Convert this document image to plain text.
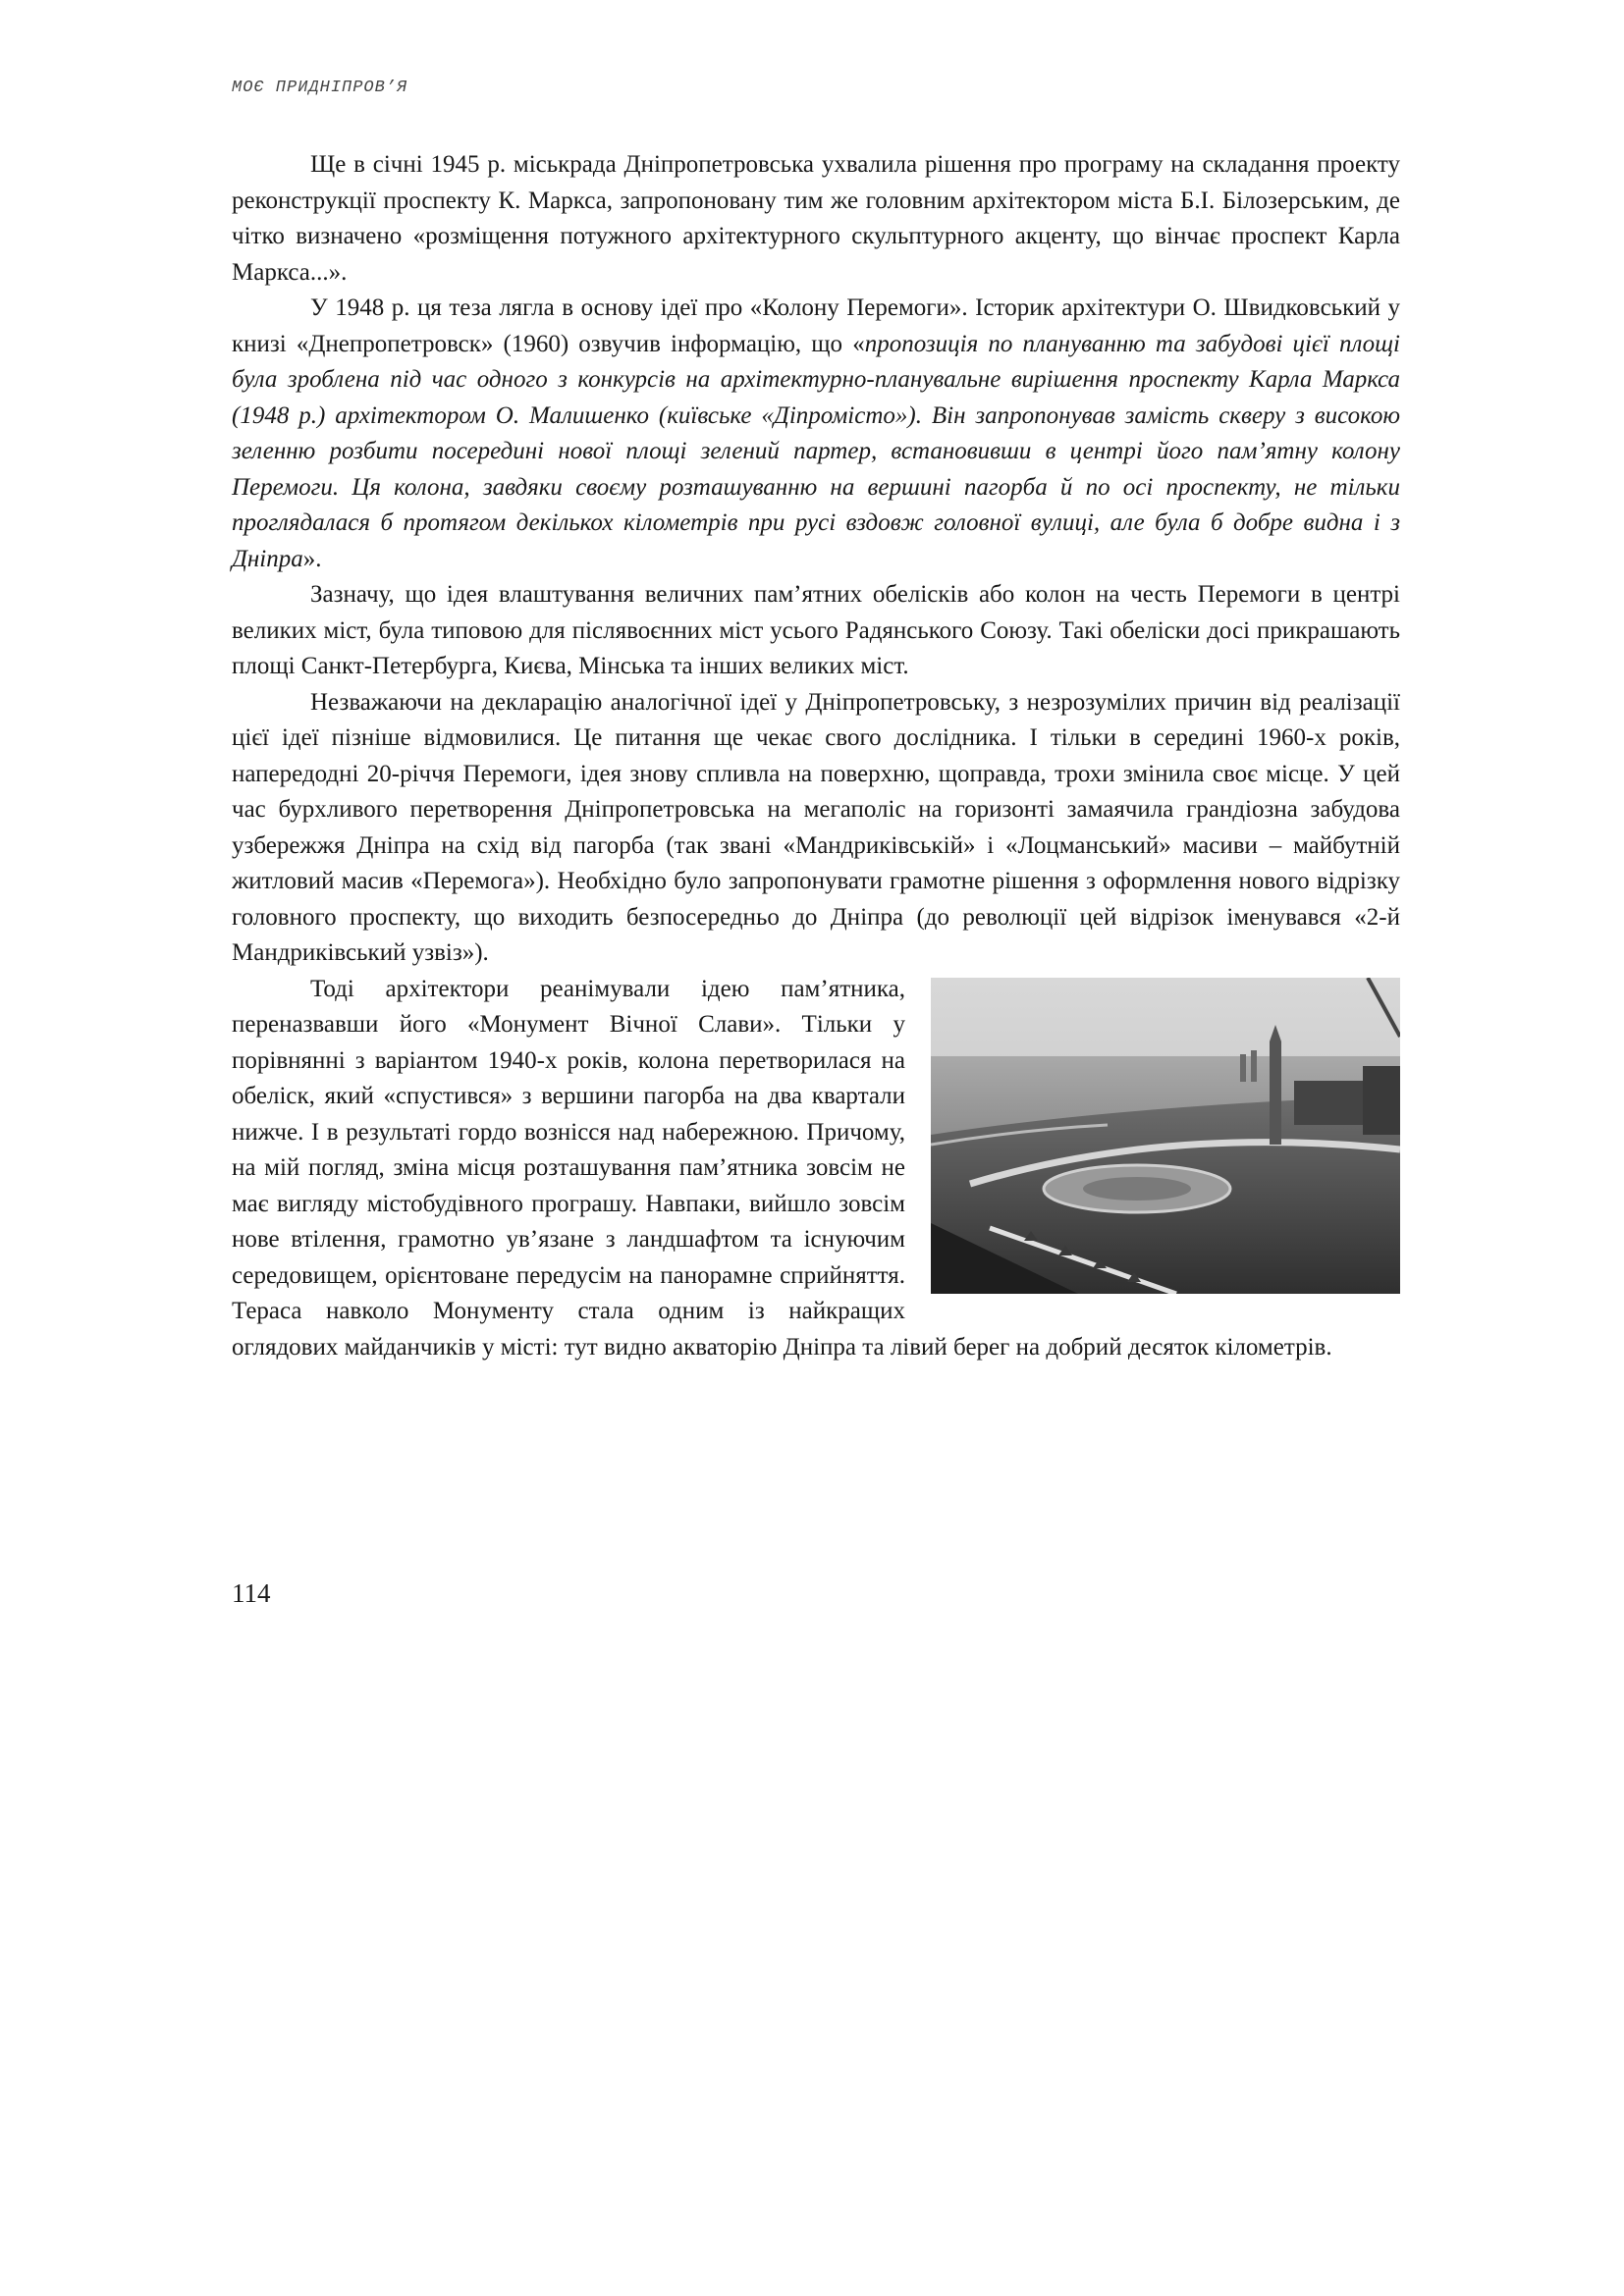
МОЄ ПРИДНІПРОВ’Я

Ще в січні 1945 р. міськрада Дніпропетровська ухвалила рішення про програму на складання проекту реконструкції проспекту К. Маркса, запропоновану тим же головним архітектором міста Б.І. Білозерським, де чітко визначено «розміщення потужного архітектурного скульптурного акценту, що вінчає проспект Карла Маркса...».

У 1948 р. ця теза лягла в основу ідеї про «Колону Перемоги». Історик архітектури О. Швидковський у книзі «Днепропетровск» (1960) озвучив інформацію, що «пропозиція по плануванню та забудові цієї площі була зроблена під час одного з конкурсів на архітектурно-планувальне вирішення проспекту Карла Маркса (1948 р.) архітектором О. Малишенко (київське «Діпромісто»). Він запропонував замість скверу з високою зеленню розбити посередині нової площі зелений партер, встановивши в центрі його пам’ятну колону Перемоги. Ця колона, завдяки своєму розташуванню на вершині пагорба й по осі проспекту, не тільки проглядалася б протягом декількох кілометрів при русі вздовж головної вулиці, але була б добре видна і з Дніпра».

Зазначу, що ідея влаштування величних пам’ятних обелісків або колон на честь Перемоги в центрі великих міст, була типовою для післявоєнних міст усього Радянського Союзу. Такі обеліски досі прикрашають площі Санкт-Петербурга, Києва, Мінська та інших великих міст.

Незважаючи на декларацію аналогічної ідеї у Дніпропетровську, з незрозумілих причин від реалізації цієї ідеї пізніше відмовилися. Це питання ще чекає свого дослідника. І тільки в середині 1960-х років, напередодні 20-річчя Перемоги, ідея знову спливла на поверхню, щоправда, трохи змінила своє місце. У цей час бурхливого перетворення Дніпропетровська на мегаполіс на горизонті замаячила грандіозна забудова узбережжя Дніпра на схід від пагорба (так звані «Мандриківській» і «Лоцманський» масиви – майбутній житловий масив «Перемога»). Необхідно було запропонувати грамотне рішення з оформлення нового відрізку головного проспекту, що виходить безпосередньо до Дніпра (до революції цей відрізок іменувався «2-й Мандриківський узвіз»).

Тоді архітектори реанімували ідею пам’ятника, переназвавши його «Монумент Вічної Слави». Тільки у порівнянні з варіантом 1940-х років, колона перетворилася на обеліск, який «спустився» з вершини пагорба на два квартали нижче. І в результаті гордо вознісся над набережною. Причому, на мій погляд, зміна місця розташування пам’ятника зовсім не має вигляду містобудівного програшу. Навпаки, вийшло зовсім нове втілення, грамотно ув’язане з ландшафтом та існуючим середовищем, орієнтоване передусім на панорамне сприйняття. Тераса навколо Монументу стала одним із найкращих оглядових майданчиків у місті: тут видно акваторію Дніпра та лівий берег на добрий десяток кілометрів.

114
